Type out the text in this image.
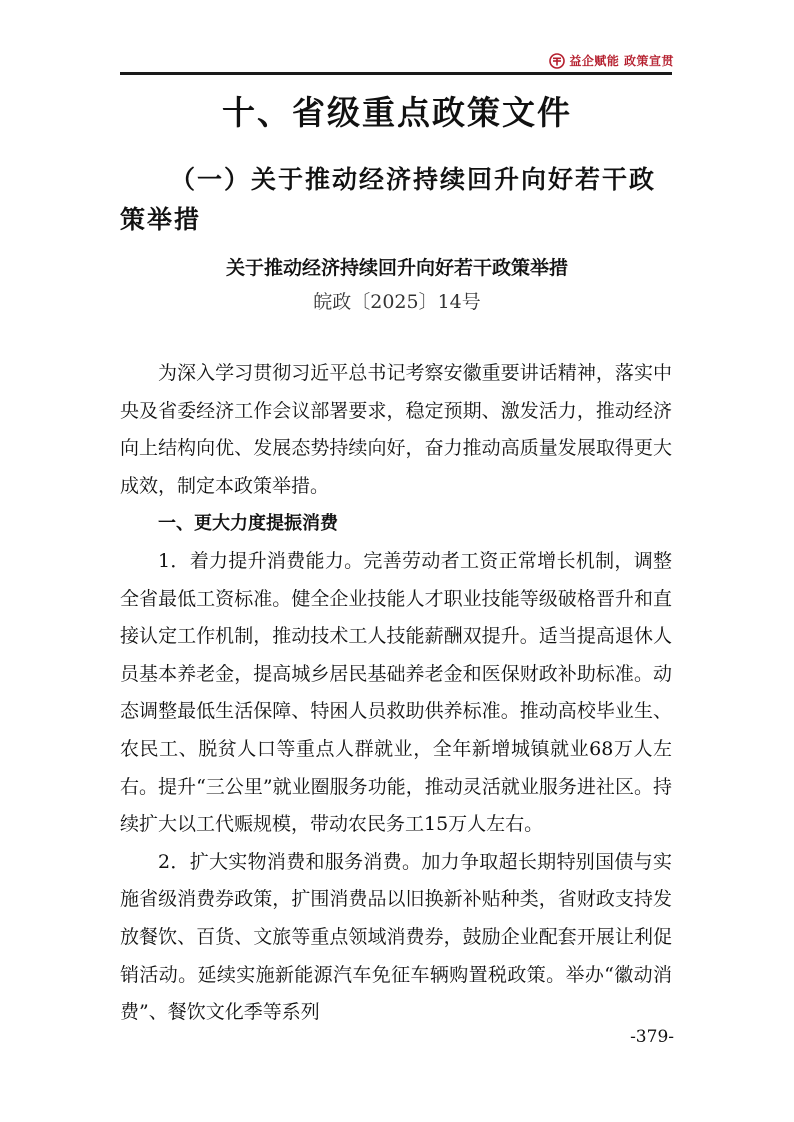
益企赋能 政策宣贯
十、省级重点政策文件
（一）关于推动经济持续回升向好若干政策举措
关于推动经济持续回升向好若干政策举措
皖政〔2025〕14号

为深入学习贯彻习近平总书记考察安徽重要讲话精神，落实中央及省委经济工作会议部署要求，稳定预期、激发活力，推动经济向上结构向优、发展态势持续向好，奋力推动高质量发展取得更大成效，制定本政策举措。

一、更大力度提振消费

1．着力提升消费能力。完善劳动者工资正常增长机制，调整全省最低工资标准。健全企业技能人才职业技能等级破格晋升和直接认定工作机制，推动技术工人技能薪酬双提升。适当提高退休人员基本养老金，提高城乡居民基础养老金和医保财政补助标准。动态调整最低生活保障、特困人员救助供养标准。推动高校毕业生、农民工、脱贫人口等重点人群就业，全年新增城镇就业68万人左右。提升“三公里”就业圈服务功能，推动灵活就业服务进社区。持续扩大以工代赈规模，带动农民务工15万人左右。

2．扩大实物消费和服务消费。加力争取超长期特别国债与实施省级消费券政策，扩围消费品以旧换新补贴种类，省财政支持发放餐饮、百货、文旅等重点领域消费券，鼓励企业配套开展让利促销活动。延续实施新能源汽车免征车辆购置税政策。举办“徽动消费”、餐饮文化季等系列

-379-
